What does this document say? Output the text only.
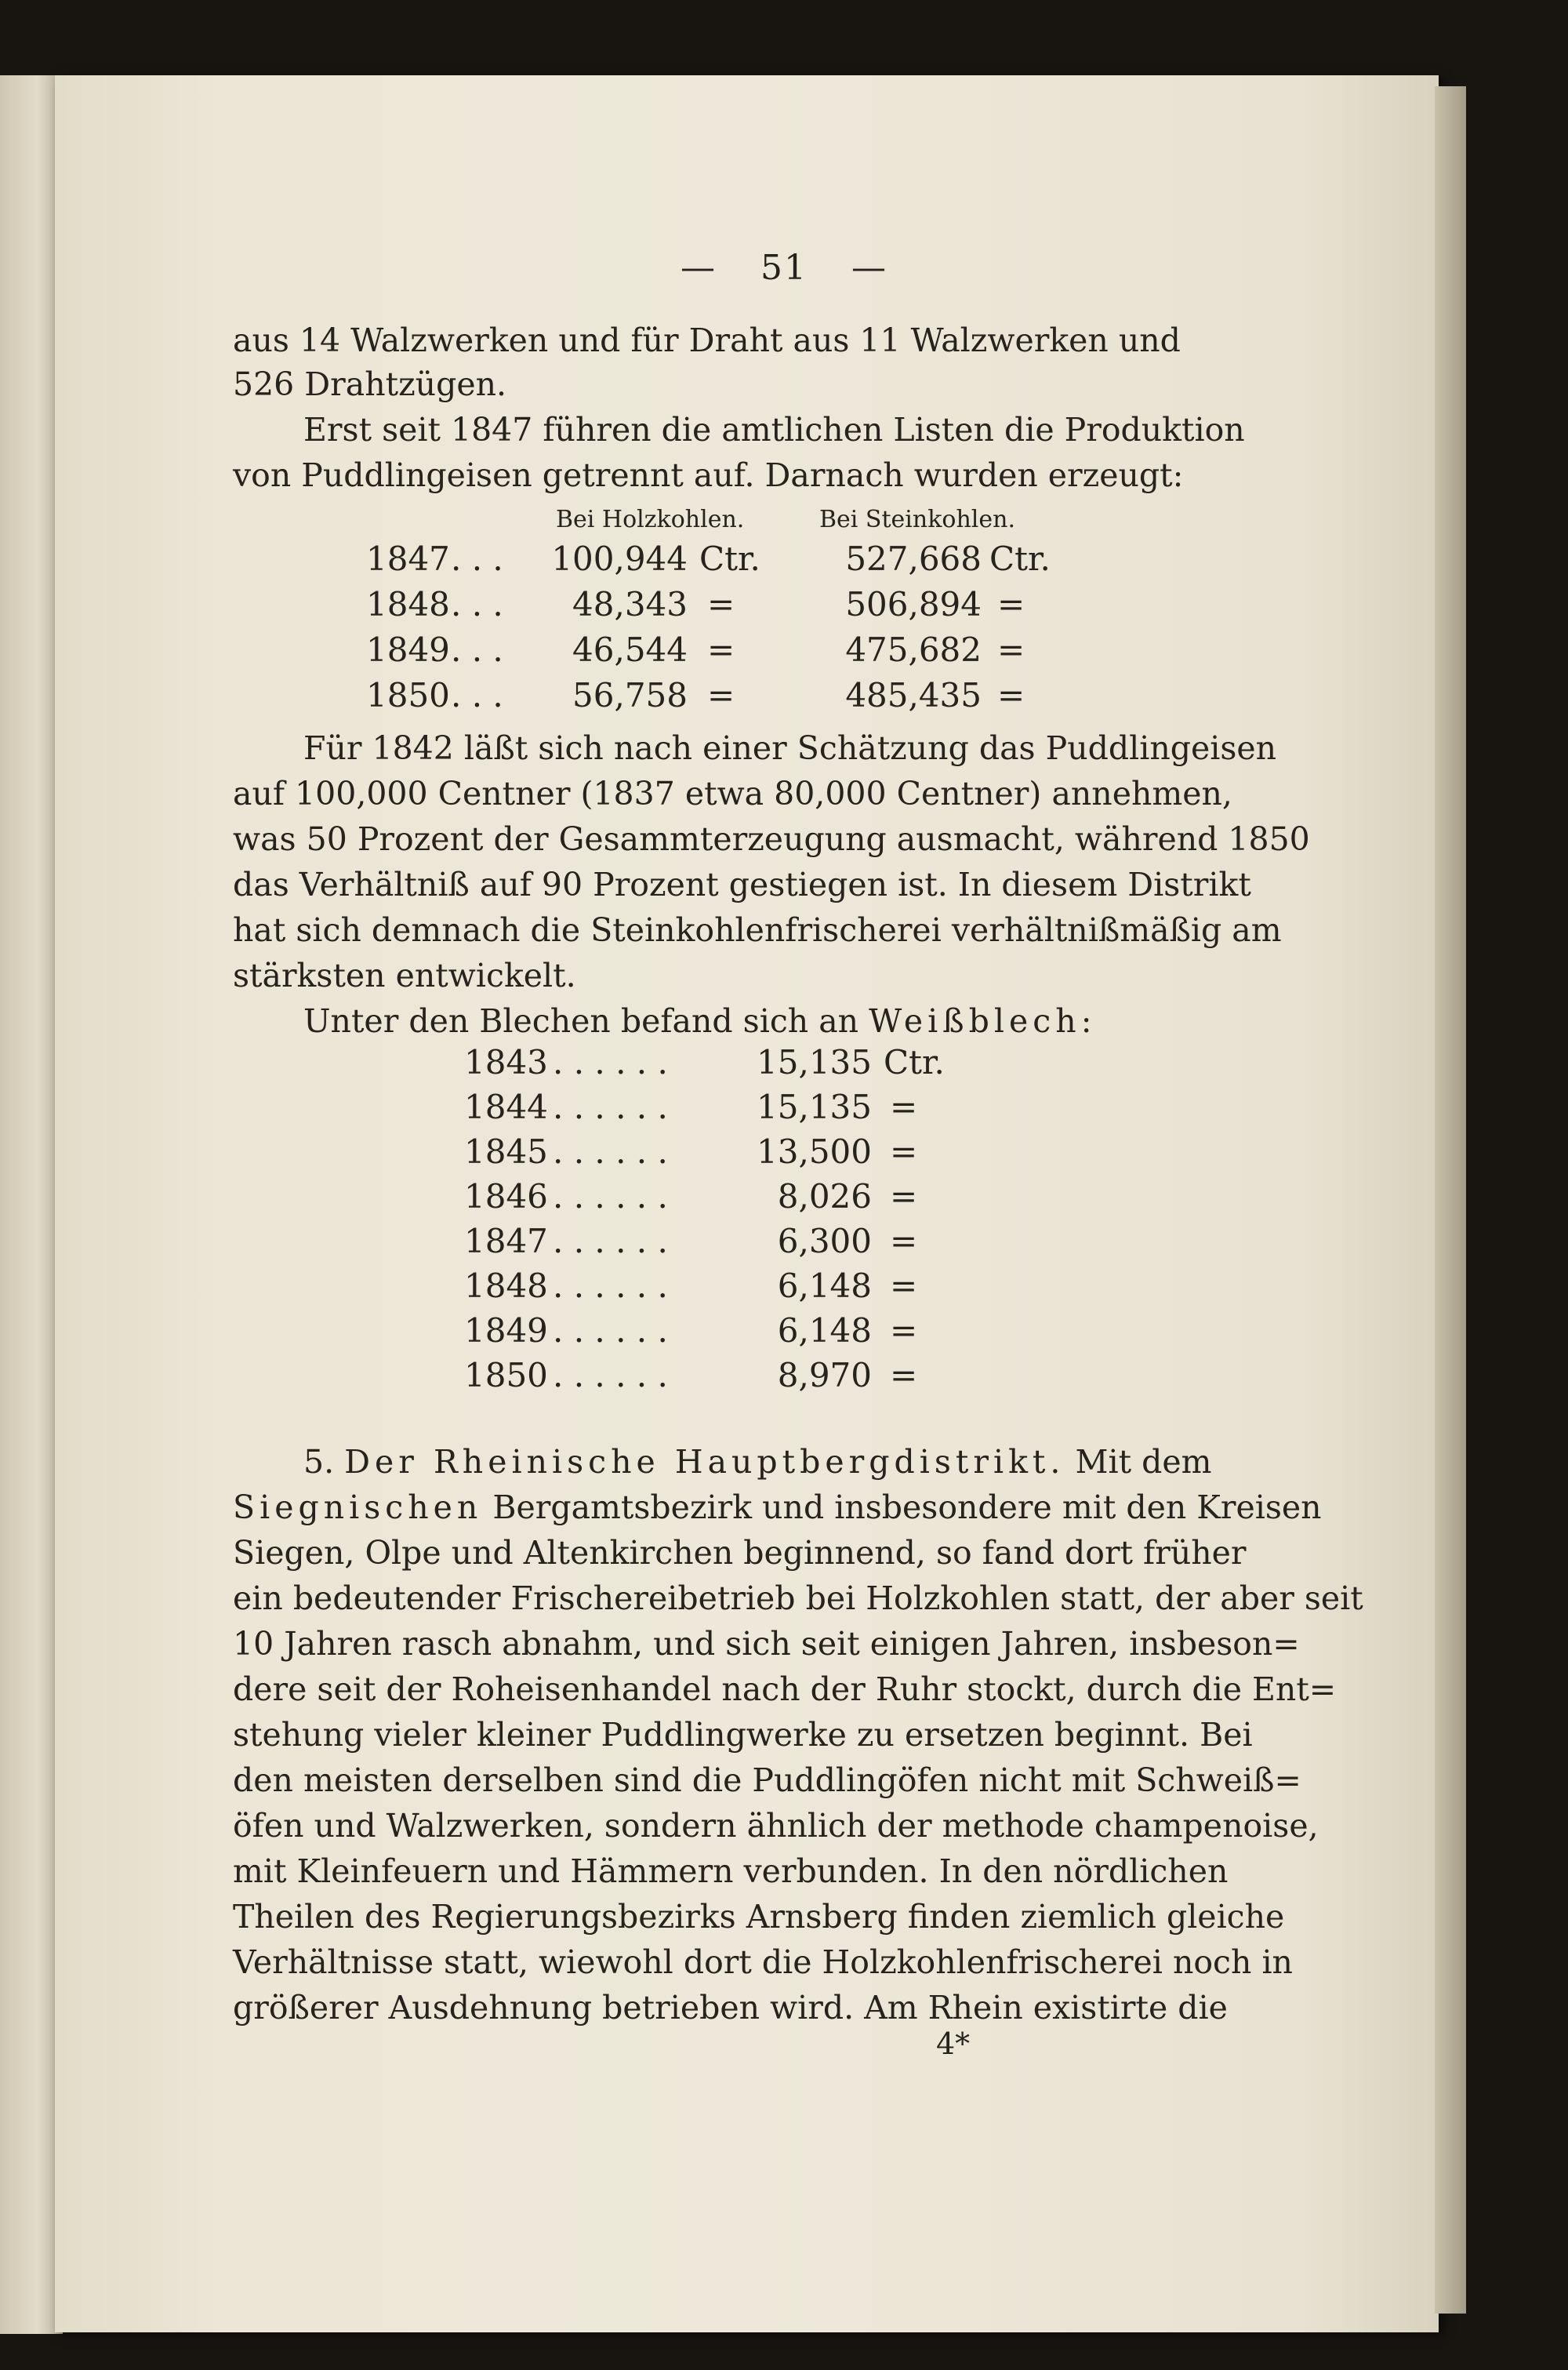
— 51 —
aus 14 Walzwerken und für Draht aus 11 Walzwerken und
526 Drahtzügen.
Erst seit 1847 führen die amtlichen Listen die Produktion
von Puddlingeisen getrennt auf. Darnach wurden erzeugt:
Bei Holzkohlen.	Bei Steinkohlen.
1847 . . .	100,944 Ctr.	527,668 Ctr.
1848 . . .	48,343 =	506,894 =
1849 . . .	46,544 =	475,682 =
1850 . . .	56,758 =	485,435 =
Für 1842 läßt sich nach einer Schätzung das Puddlingeisen
auf 100,000 Centner (1837 etwa 80,000 Centner) annehmen,
was 50 Prozent der Gesammterzeugung ausmacht, während 1850
das Verhältniß auf 90 Prozent gestiegen ist. In diesem Distrikt
hat sich demnach die Steinkohlenfrischerei verhältnißmäßig am
stärksten entwickelt.
Unter den Blechen befand sich an Weißblech:
1843 . . . . . .	15,135 Ctr.
1844 . . . . . .	15,135 =
1845 . . . . . .	13,500 =
1846 . . . . . .	8,026 =
1847 . . . . . .	6,300 =
1848 . . . . . .	6,148 =
1849 . . . . . .	6,148 =
1850 . . . . . .	8,970 =
5. Der Rheinische Hauptbergdistrikt. Mit dem
Siegnischen Bergamtsbezirk und insbesondere mit den Kreisen
Siegen, Olpe und Altenkirchen beginnend, so fand dort früher
ein bedeutender Frischereibetrieb bei Holzkohlen statt, der aber seit
10 Jahren rasch abnahm, und sich seit einigen Jahren, insbeson=
dere seit der Roheisenhandel nach der Ruhr stockt, durch die Ent=
stehung vieler kleiner Puddlingwerke zu ersetzen beginnt. Bei
den meisten derselben sind die Puddlingöfen nicht mit Schweiß=
öfen und Walzwerken, sondern ähnlich der methode champenoise,
mit Kleinfeuern und Hämmern verbunden. In den nördlichen
Theilen des Regierungsbezirks Arnsberg finden ziemlich gleiche
Verhältnisse statt, wiewohl dort die Holzkohlenfrischerei noch in
größerer Ausdehnung betrieben wird. Am Rhein existirte die
4*
